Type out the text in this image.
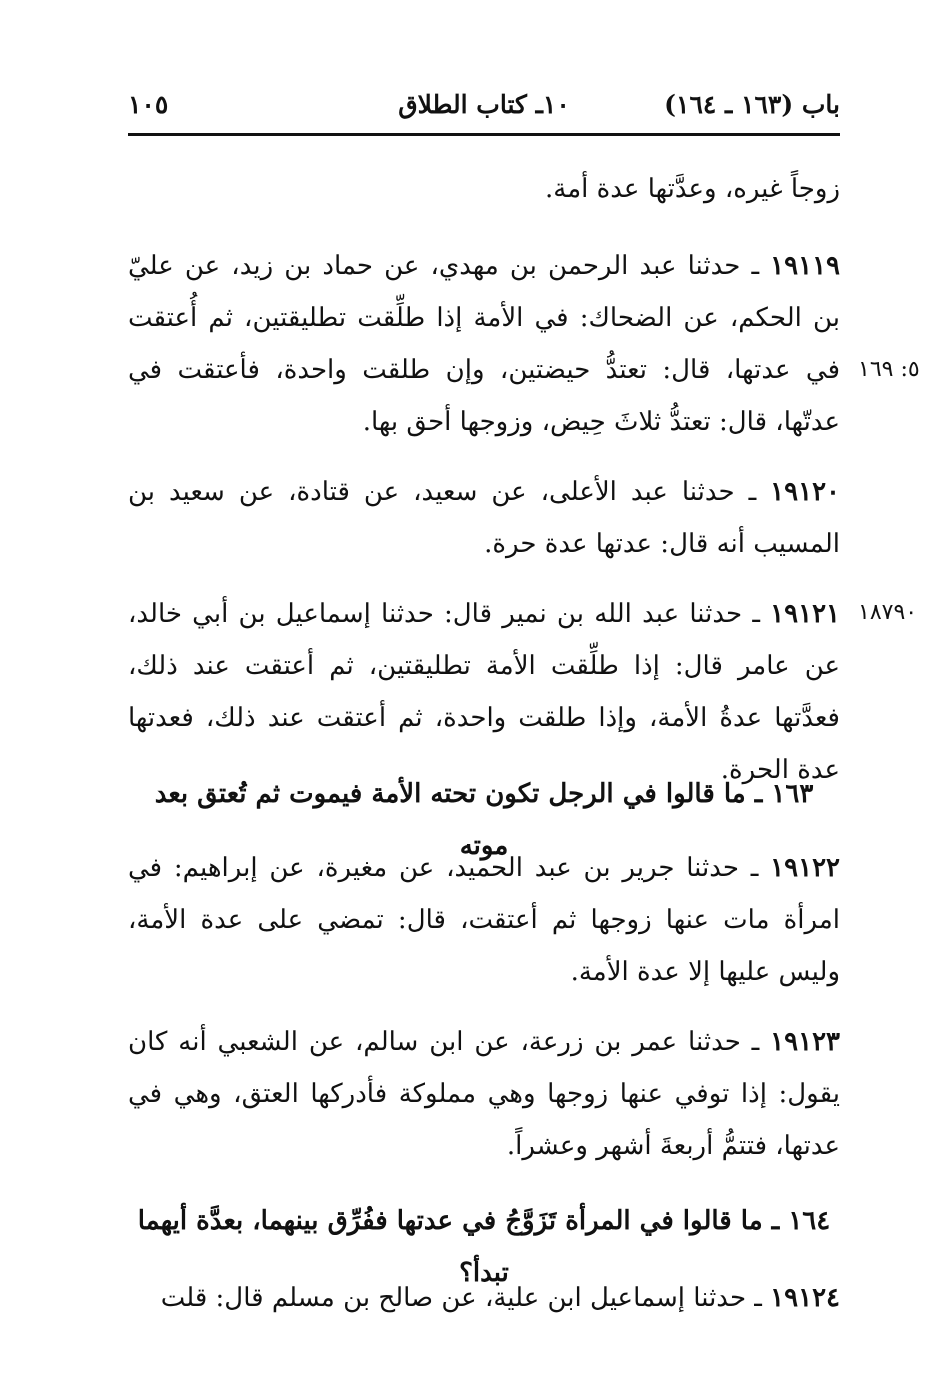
باب (١٦٣ ـ ١٦٤)
١٠ـ كتاب الطلاق
١٠٥
زوجاً غيره، وعدَّتها عدة أمة.
١٩١١٩ ـ حدثنا عبد الرحمن بن مهدي، عن حماد بن زيد، عن عليّ بن الحكم، عن الضحاك: في الأمة إذا طلِّقت تطليقتين، ثم أُعتقت في عدتها، قال: تعتدُّ حيضتين، وإن طلقت واحدة، فأعتقت في عدتّها، قال: تعتدُّ ثلاثَ حِيض، وزوجها أحق بها.
٥: ١٦٩
١٩١٢٠ ـ حدثنا عبد الأعلى، عن سعيد، عن قتادة، عن سعيد بن المسيب أنه قال: عدتها عدة حرة.
١٩١٢١ ـ حدثنا عبد الله بن نمير قال: حدثنا إسماعيل بن أبي خالد، عن عامر قال: إذا طلِّقت الأمة تطليقتين، ثم أعتقت عند ذلك، فعدَّتها عدةُ الأمة، وإذا طلقت واحدة، ثم أعتقت عند ذلك، فعدتها عدة الحرة.
١٨٧٩٠
١٦٣ ـ ما قالوا في الرجل تكون تحته الأمة فيموت ثم تُعتق بعد موته
١٩١٢٢ ـ حدثنا جرير بن عبد الحميد، عن مغيرة، عن إبراهيم: في امرأة مات عنها زوجها ثم أعتقت، قال: تمضي على عدة الأمة، وليس عليها إلا عدة الأمة.
١٩١٢٣ ـ حدثنا عمر بن زرعة، عن ابن سالم، عن الشعبي أنه كان يقول: إذا توفي عنها زوجها وهي مملوكة فأدركها العتق، وهي في عدتها، فتتمُّ أربعةَ أشهر وعشراً.
١٦٤ ـ ما قالوا في المرأة تَزَوَّجُ في عدتها ففُرِّق بينهما، بعدَّة أيهما تبدأ؟
١٩١٢٤ ـ حدثنا إسماعيل ابن علية، عن صالح بن مسلم قال: قلت
